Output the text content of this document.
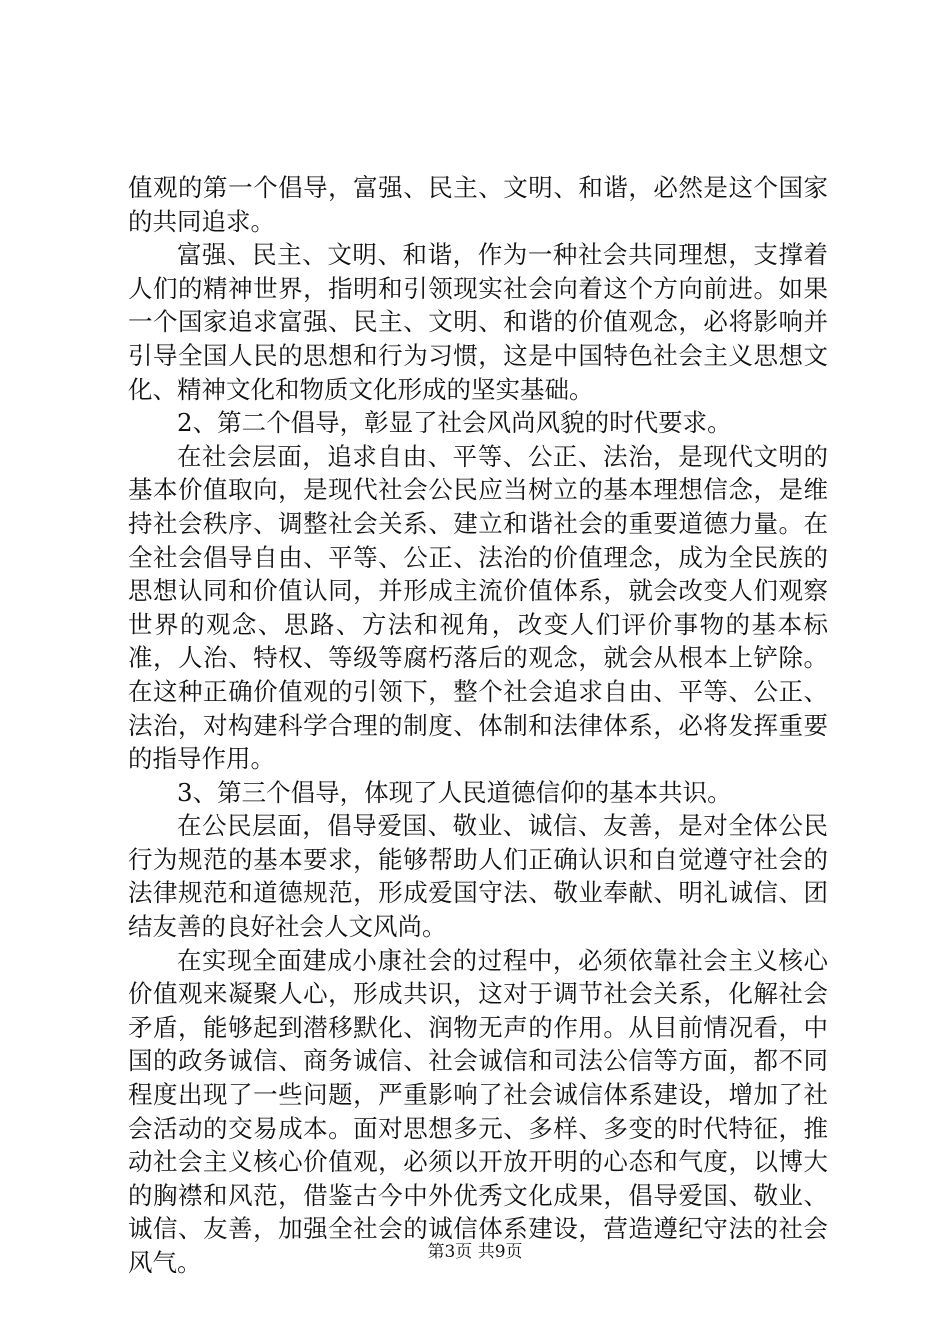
值观的第一个倡导，富强、民主、文明、和谐，必然是这个国家的共同追求。

富强、民主、文明、和谐，作为一种社会共同理想，支撑着人们的精神世界，指明和引领现实社会向着这个方向前进。如果一个国家追求富强、民主、文明、和谐的价值观念，必将影响并引导全国人民的思想和行为习惯，这是中国特色社会主义思想文化、精神文化和物质文化形成的坚实基础。

2、第二个倡导，彰显了社会风尚风貌的时代要求。

在社会层面，追求自由、平等、公正、法治，是现代文明的基本价值取向，是现代社会公民应当树立的基本理想信念，是维持社会秩序、调整社会关系、建立和谐社会的重要道德力量。在全社会倡导自由、平等、公正、法治的价值理念，成为全民族的思想认同和价值认同，并形成主流价值体系，就会改变人们观察世界的观念、思路、方法和视角，改变人们评价事物的基本标准，人治、特权、等级等腐朽落后的观念，就会从根本上铲除。在这种正确价值观的引领下，整个社会追求自由、平等、公正、法治，对构建科学合理的制度、体制和法律体系，必将发挥重要的指导作用。

3、第三个倡导，体现了人民道德信仰的基本共识。

在公民层面，倡导爱国、敬业、诚信、友善，是对全体公民行为规范的基本要求，能够帮助人们正确认识和自觉遵守社会的法律规范和道德规范，形成爱国守法、敬业奉献、明礼诚信、团结友善的良好社会人文风尚。

在实现全面建成小康社会的过程中，必须依靠社会主义核心价值观来凝聚人心，形成共识，这对于调节社会关系，化解社会矛盾，能够起到潜移默化、润物无声的作用。从目前情况看，中国的政务诚信、商务诚信、社会诚信和司法公信等方面，都不同程度出现了一些问题，严重影响了社会诚信体系建设，增加了社会活动的交易成本。面对思想多元、多样、多变的时代特征，推动社会主义核心价值观，必须以开放开明的心态和气度，以博大的胸襟和风范，借鉴古今中外优秀文化成果，倡导爱国、敬业、诚信、友善，加强全社会的诚信体系建设，营造遵纪守法的社会风气。	第3页 共9页
